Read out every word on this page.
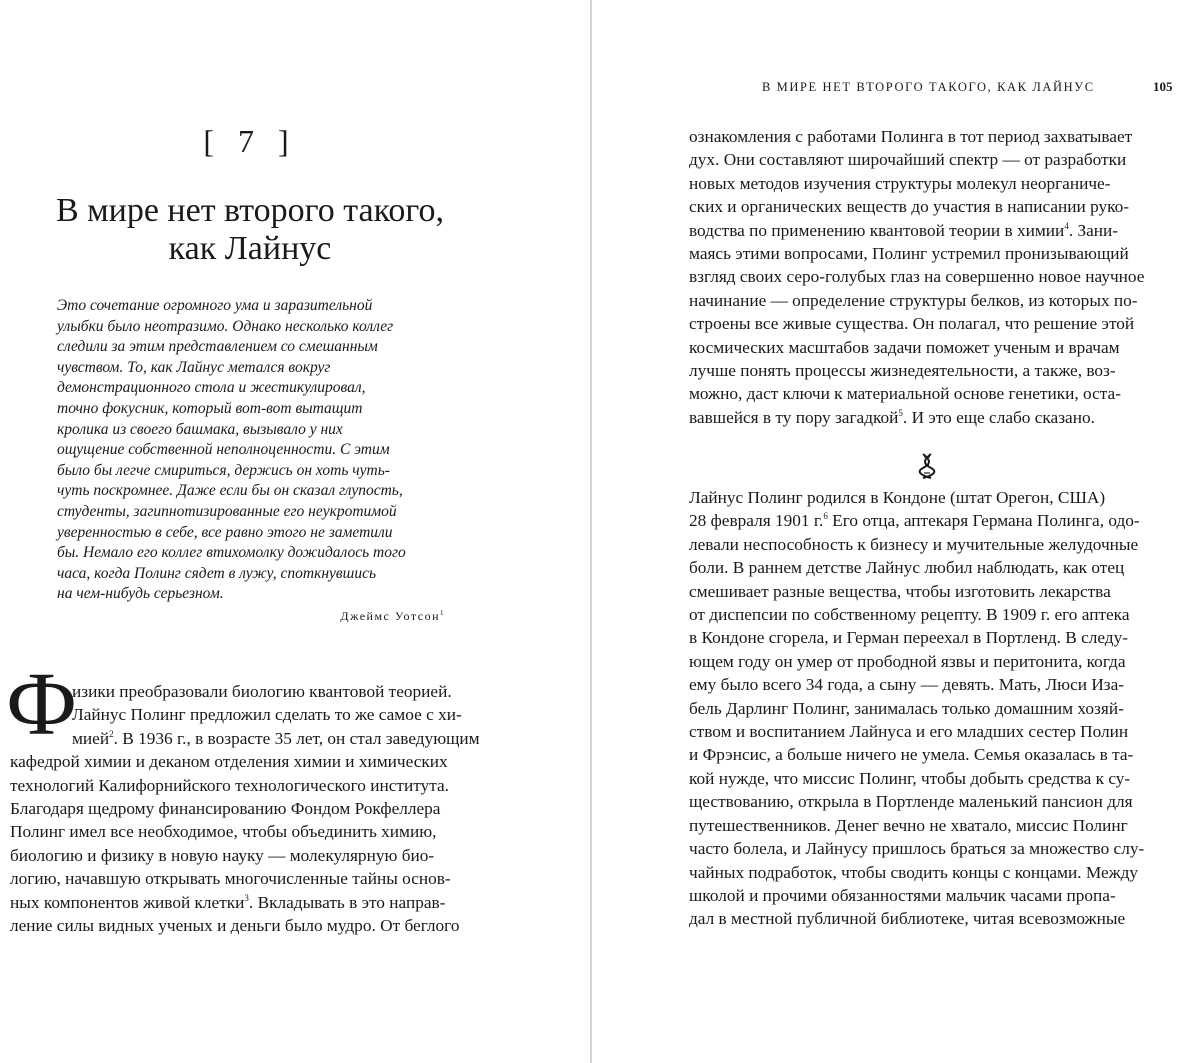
[ 7 ]
В мире нет второго такого,
как Лайнус
Это сочетание огромного ума и заразительной
улыбки было неотразимо. Однако несколько коллег
следили за этим представлением со смешанным
чувством. То, как Лайнус метался вокруг
демонстрационного стола и жестикулировал,
точно фокусник, который вот-вот вытащит
кролика из своего башмака, вызывало у них
ощущение собственной неполноценности. С этим
было бы легче смириться, держись он хоть чуть-
чуть поскромнее. Даже если бы он сказал глупость,
студенты, загипнотизированные его неукротимой
уверенностью в себе, все равно этого не заметили
бы. Немало его коллег втихомолку дожидалось того
часа, когда Полинг сядет в лужу, споткнувшись
на чем-нибудь серьезном.
Джеймс Уотсон$^1$
Ф
изики преобразовали биологию квантовой теорией.
Лайнус Полинг предложил сделать то же самое с хи-
мией$^2$. В 1936 г., в возрасте 35 лет, он стал заведующим
кафедрой химии и деканом отделения химии и химических
технологий Калифорнийского технологического института.
Благодаря щедрому финансированию Фондом Рокфеллера
Полинг имел все необходимое, чтобы объединить химию,
биологию и физику в новую науку — молекулярную био-
логию, начавшую открывать многочисленные тайны основ-
ных компонентов живой клетки$^3$. Вкладывать в это направ-
ление силы видных ученых и деньги было мудро. От беглого
В МИРЕ НЕТ ВТОРОГО ТАКОГО, КАК ЛАЙНУС	105
ознакомления с работами Полинга в тот период захватывает
дух. Они составляют широчайший спектр — от разработки
новых методов изучения структуры молекул неорганиче-
ских и органических веществ до участия в написании руко-
водства по применению квантовой теории в химии$^4$. Зани-
маясь этими вопросами, Полинг устремил пронизывающий
взгляд своих серо-голубых глаз на совершенно новое научное
начинание — определение структуры белков, из которых по-
строены все живые существа. Он полагал, что решение этой
космических масштабов задачи поможет ученым и врачам
лучше понять процессы жизнедеятельности, а также, воз-
можно, даст ключи к материальной основе генетики, оста-
вавшейся в ту пору загадкой$^5$. И это еще слабо сказано.
Лайнус Полинг родился в Кондоне (штат Орегон, США)
28 февраля 1901 г.$^6$ Его отца, аптекаря Германа Полинга, одо-
левали неспособность к бизнесу и мучительные желудочные
боли. В раннем детстве Лайнус любил наблюдать, как отец
смешивает разные вещества, чтобы изготовить лекарства
от диспепсии по собственному рецепту. В 1909 г. его аптека
в Кондоне сгорела, и Герман переехал в Портленд. В следу-
ющем году он умер от прободной язвы и перитонита, когда
ему было всего 34 года, а сыну — девять. Мать, Люси Иза-
бель Дарлинг Полинг, занималась только домашним хозяй-
ством и воспитанием Лайнуса и его младших сестер Полин
и Фрэнсис, а больше ничего не умела. Семья оказалась в та-
кой нужде, что миссис Полинг, чтобы добыть средства к су-
ществованию, открыла в Портленде маленький пансион для
путешественников. Денег вечно не хватало, миссис Полинг
часто болела, и Лайнусу пришлось браться за множество слу-
чайных подработок, чтобы сводить концы с концами. Между
школой и прочими обязанностями мальчик часами пропа-
дал в местной публичной библиотеке, читая всевозможные
